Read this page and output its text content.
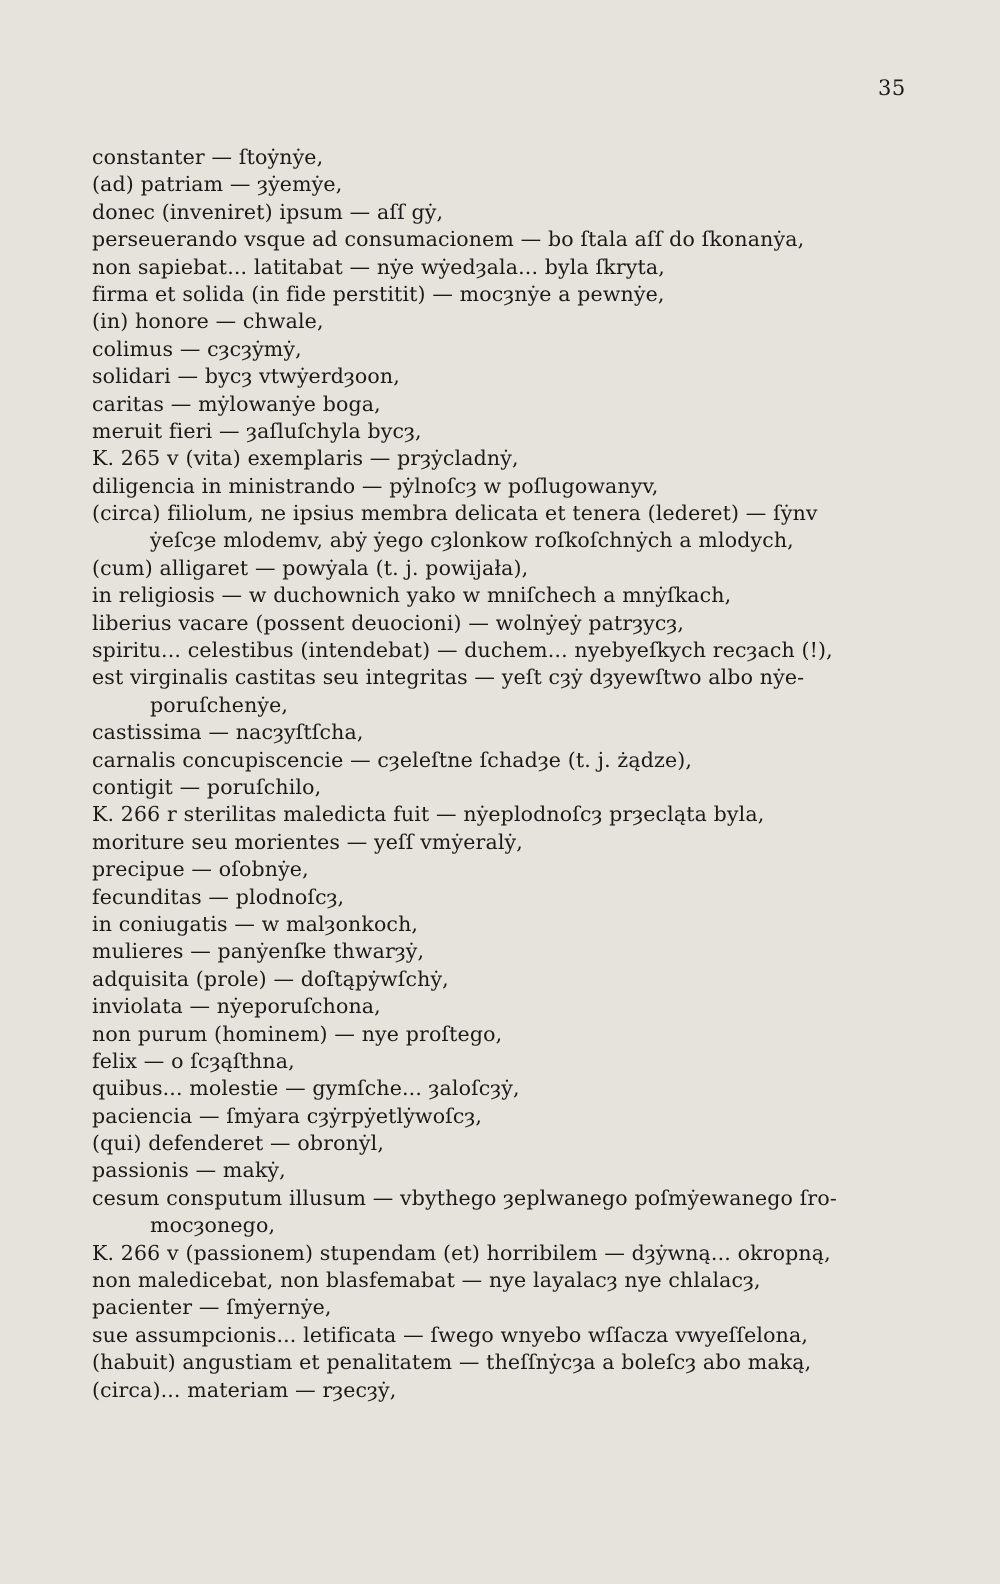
35
constanter — ſtoẏnẏe,
(ad) patriam — ȝẏemẏe,
donec (inveniret) ipsum — aſſ gẏ,
perseuerando vsque ad consumacionem — bo ſtala aſſ do ſkonanẏa,
non sapiebat... latitabat — nẏe wẏedȝala... byla ſkryta,
firma et solida (in fide perstitit) — mocȝnẏe a pewnẏe,
(in) honore — chwale,
colimus — cȝcȝẏmẏ,
solidari — bycȝ vtwẏerdȝoon,
caritas — mẏlowanẏe boga,
meruit fieri — ȝaſluſchyla bycȝ,
K. 265 v (vita) exemplaris — prȝẏcladnẏ,
diligencia in ministrando — pẏlnoſcȝ w poſlugowanyv,
(circa) filiolum, ne ipsius membra delicata et tenera (lederet) — ſẏnv
ẏeſcȝe mlodemv, abẏ ẏego cȝlonkow roſkoſchnẏch a mlodych,
(cum) alligaret — powẏala (t. j. powijała),
in religiosis — w duchownich yako w mniſchech a mnẏſkach,
liberius vacare (possent deuocioni) — wolnẏeẏ patrȝycȝ,
spiritu... celestibus (intendebat) — duchem... nyebyeſkych recȝach (!),
est virginalis castitas seu integritas — yeſt cȝẏ dȝyewſtwo albo nẏe-
poruſchenẏe,
castissima — nacȝyſtſcha,
carnalis concupiscencie — cȝeleſtne ſchadȝe (t. j. żądze),
contigit — poruſchilo,
K. 266 r sterilitas maledicta fuit — nẏeplodnoſcȝ prȝecląta byla,
moriture seu morientes — yeſſ vmẏeralẏ,
precipue — oſobnẏe,
fecunditas — plodnoſcȝ,
in coniugatis — w malȝonkoch,
mulieres — panẏenſke thwarȝẏ,
adquisita (prole) — doſtąpẏwſchẏ,
inviolata — nẏeporuſchona,
non purum (hominem) — nye proſtego,
felix — o ſcȝąſthna,
quibus... molestie — gymſche... ȝaloſcȝẏ,
paciencia — ſmẏara cȝẏrpẏetlẏwoſcȝ,
(qui) defenderet — obronẏl,
passionis — makẏ,
cesum consputum illusum — vbythego ȝeplwanego poſmẏewanego ſro-
mocȝonego,
K. 266 v (passionem) stupendam (et) horribilem — dȝẏwną... okropną,
non maledicebat, non blasfemabat — nye layalacȝ nye chlalacȝ,
pacienter — ſmẏernẏe,
sue assumpcionis... letificata — ſwego wnyebo wſſacza vwyeſſelona,
(habuit) angustiam et penalitatem — theſſnẏcȝa a boleſcȝ abo maką,
(circa)... materiam — rȝecȝẏ,
